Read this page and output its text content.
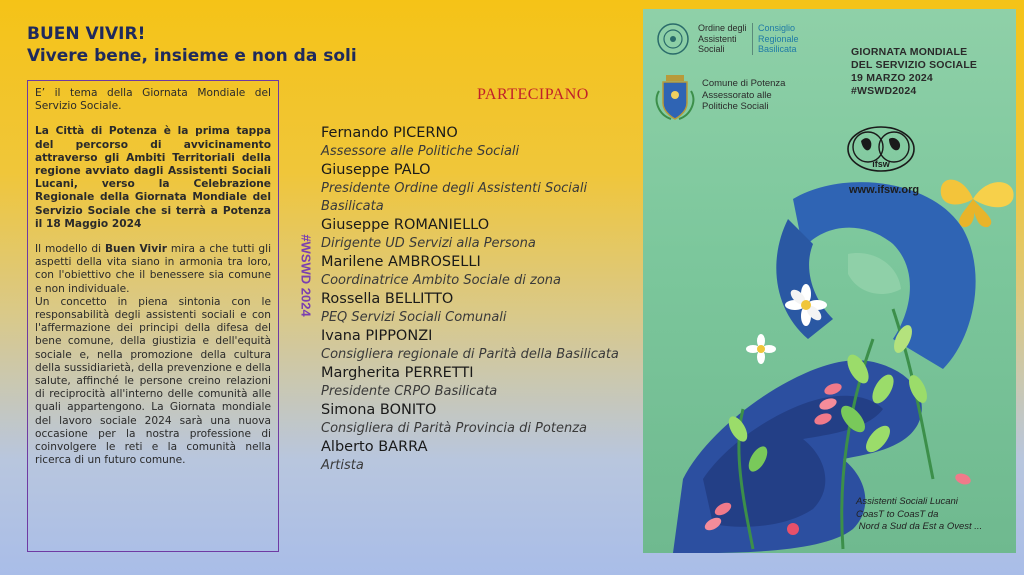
BUEN VIVIR!
Vivere bene, insieme e non da soli

E’ il tema della Giornata Mondiale del Servizio Sociale.

La Città di Potenza è la prima tappa del percorso di avvicinamento attraverso gli Ambiti Territoriali della regione avviato dagli Assistenti Sociali Lucani, verso la Celebrazione Regionale della Giornata Mondiale del Servizio Sociale che si terrà a Potenza il 18 Maggio 2024

Il modello di Buen Vivir mira a che tutti gli aspetti della vita siano in armonia tra loro, con l'obiettivo che il benessere sia comune e non individuale.

Un concetto in piena sintonia con le responsabilità degli assistenti sociali e con l'affermazione dei principi della difesa del bene comune, della giustizia e dell'equità sociale e, nella promozione della cultura della sussidiarietà, della prevenzione e della salute, affinché le persone creino relazioni di reciprocità all'interno delle comunità alle quali appartengono. La Giornata mondiale del lavoro sociale 2024 sarà una nuova occasione per la nostra professione di coinvolgere le reti e la comunità nella ricerca di un futuro comune.

#WSWD 2024
PARTECIPANO
Fernando PICERNO
Assessore alle Politiche Sociali
Giuseppe PALO
Presidente Ordine degli Assistenti Sociali Basilicata
Giuseppe ROMANIELLO
Dirigente UD Servizi alla Persona
Marilene AMBROSELLI
Coordinatrice Ambito Sociale di zona
Rossella BELLITTO
PEQ Servizi Sociali Comunali
Ivana PIPPONZI
Consigliera regionale di Parità della Basilicata
Margherita PERRETTI
Presidente CRPO Basilicata
Simona BONITO
Consigliera di Parità Provincia di Potenza
Alberto BARRA
Artista
ifsw
Ordine degli
Assistenti
Sociali
Consiglio
Regionale
Basilicata
Comune di Potenza
Assessorato alle
Politiche Sociali
GIORNATA MONDIALE
DEL SERVIZIO SOCIALE
19 MARZO 2024
#WSWD2024
www.ifsw.org
Assistenti Sociali Lucani
CoasT to CoasT da
Nord a Sud da Est a Ovest ...
